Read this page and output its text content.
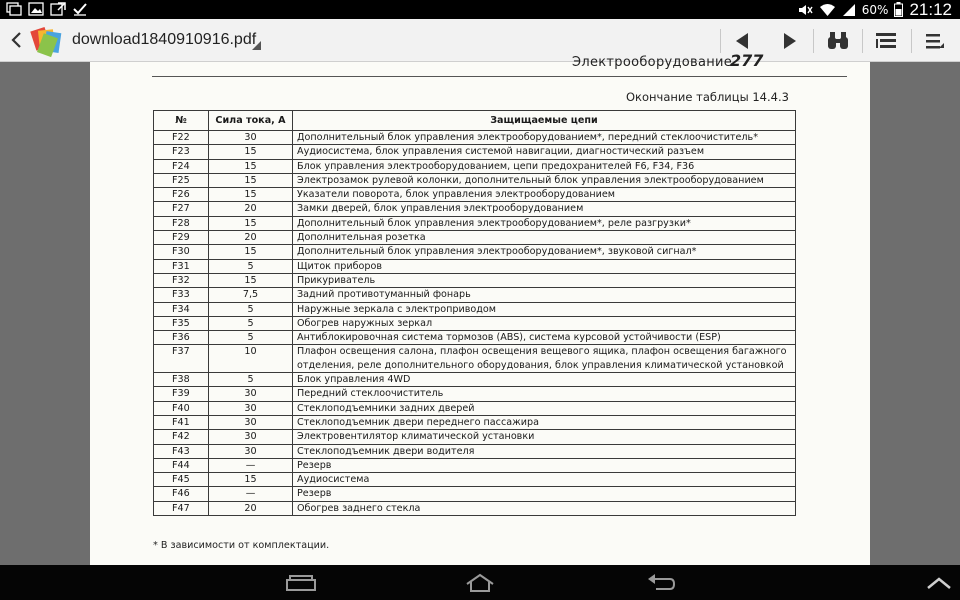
60% 21:12
download1840910916.pdf
Электрооборудование
277
Окончание таблицы 14.4.3
№	Сила тока, А	Защищаемые цепи
F22	30	Дополнительный блок управления электрооборудованием*, передний стеклоочиститель*
F23	15	Аудиосистема, блок управления системой навигации, диагностический разъем
F24	15	Блок управления электрооборудованием, цепи предохранителей F6, F34, F36
F25	15	Электрозамок рулевой колонки, дополнительный блок управления электрооборудованием
F26	15	Указатели поворота, блок управления электрооборудованием
F27	20	Замки дверей, блок управления электрооборудованием
F28	15	Дополнительный блок управления электрооборудованием*, реле разгрузки*
F29	20	Дополнительная розетка
F30	15	Дополнительный блок управления электрооборудованием*, звуковой сигнал*
F31	5	Щиток приборов
F32	15	Прикуриватель
F33	7,5	Задний противотуманный фонарь
F34	5	Наружные зеркала с электроприводом
F35	5	Обогрев наружных зеркал
F36	5	Антиблокировочная система тормозов (ABS), система курсовой устойчивости (ESP)
F37	10	Плафон освещения салона, плафон освещения вещевого ящика, плафон освещения багажного отделения, реле дополнительного оборудования, блок управления климатической установкой
F38	5	Блок управления 4WD
F39	30	Передний стеклоочиститель
F40	30	Стеклоподъемники задних дверей
F41	30	Стеклоподъемник двери переднего пассажира
F42	30	Электровентилятор климатической установки
F43	30	Стеклоподъемник двери водителя
F44	—	Резерв
F45	15	Аудиосистема
F46	—	Резерв
F47	20	Обогрев заднего стекла
* В зависимости от комплектации.
